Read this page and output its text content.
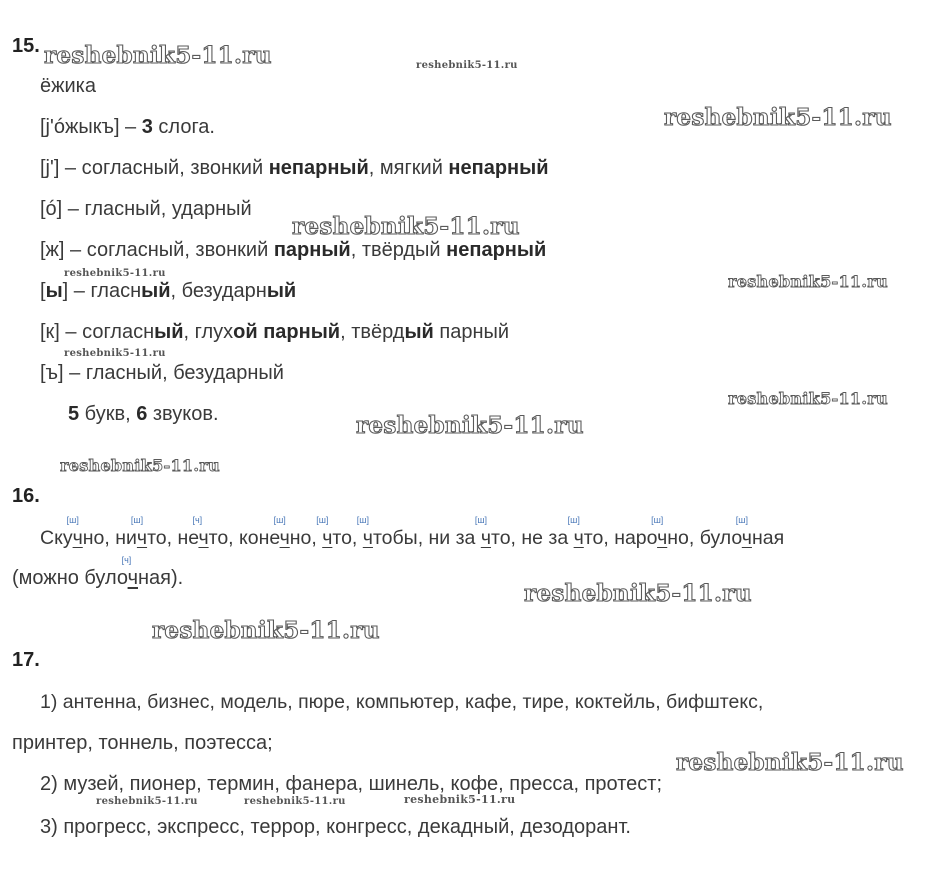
15.
ёжика
[j'óжыкъ] – 3 слога.
[j'] – согласный, звонкий непарный, мягкий непарный
[ó] – гласный, ударный
[ж] – согласный, звонкий парный, твёрдый непарный
[ы] – гласный, безударный
[к] – согласный, глухой парный, твёрдый парный
[ъ] – гласный, безударный
5 букв, 6 звуков.
16.
Скуч
[ш]
но, нич
[ш]
то, неч
[ч]
то, конеч
[ш]
но, ч
[ш]
то, ч
[ш]
тобы, ни за ч
[ш]
то, не за ч
[ш]
то, нароч
[ш]
но, булоч
[ш]
ная
(можно булоч
[ч]
ная).
17.
1) антенна, бизнес, модель, пюре, компьютер, кафе, тире, коктейль, бифштекс,
принтер, тоннель, поэтесса;
2) музей, пионер, термин, фанера, шинель, кофе, пресса, протест;
3) прогресс, экспресс, террор, конгресс, декадный, дезодорант.
reshebnik5-11.ru	reshebnik5-11.ru
reshebnik5-11.ru
reshebnik5-11.ru
reshebnik5-11.ru	reshebnik5-11.ru
reshebnik5-11.ru
reshebnik5-11.ru
reshebnik5-11.ru
reshebnik5-11.ru
reshebnik5-11.ru
reshebnik5-11.ru
reshebnik5-11.ru
reshebnik5-11.ru	reshebnik5-11.ru	reshebnik5-11.ru
